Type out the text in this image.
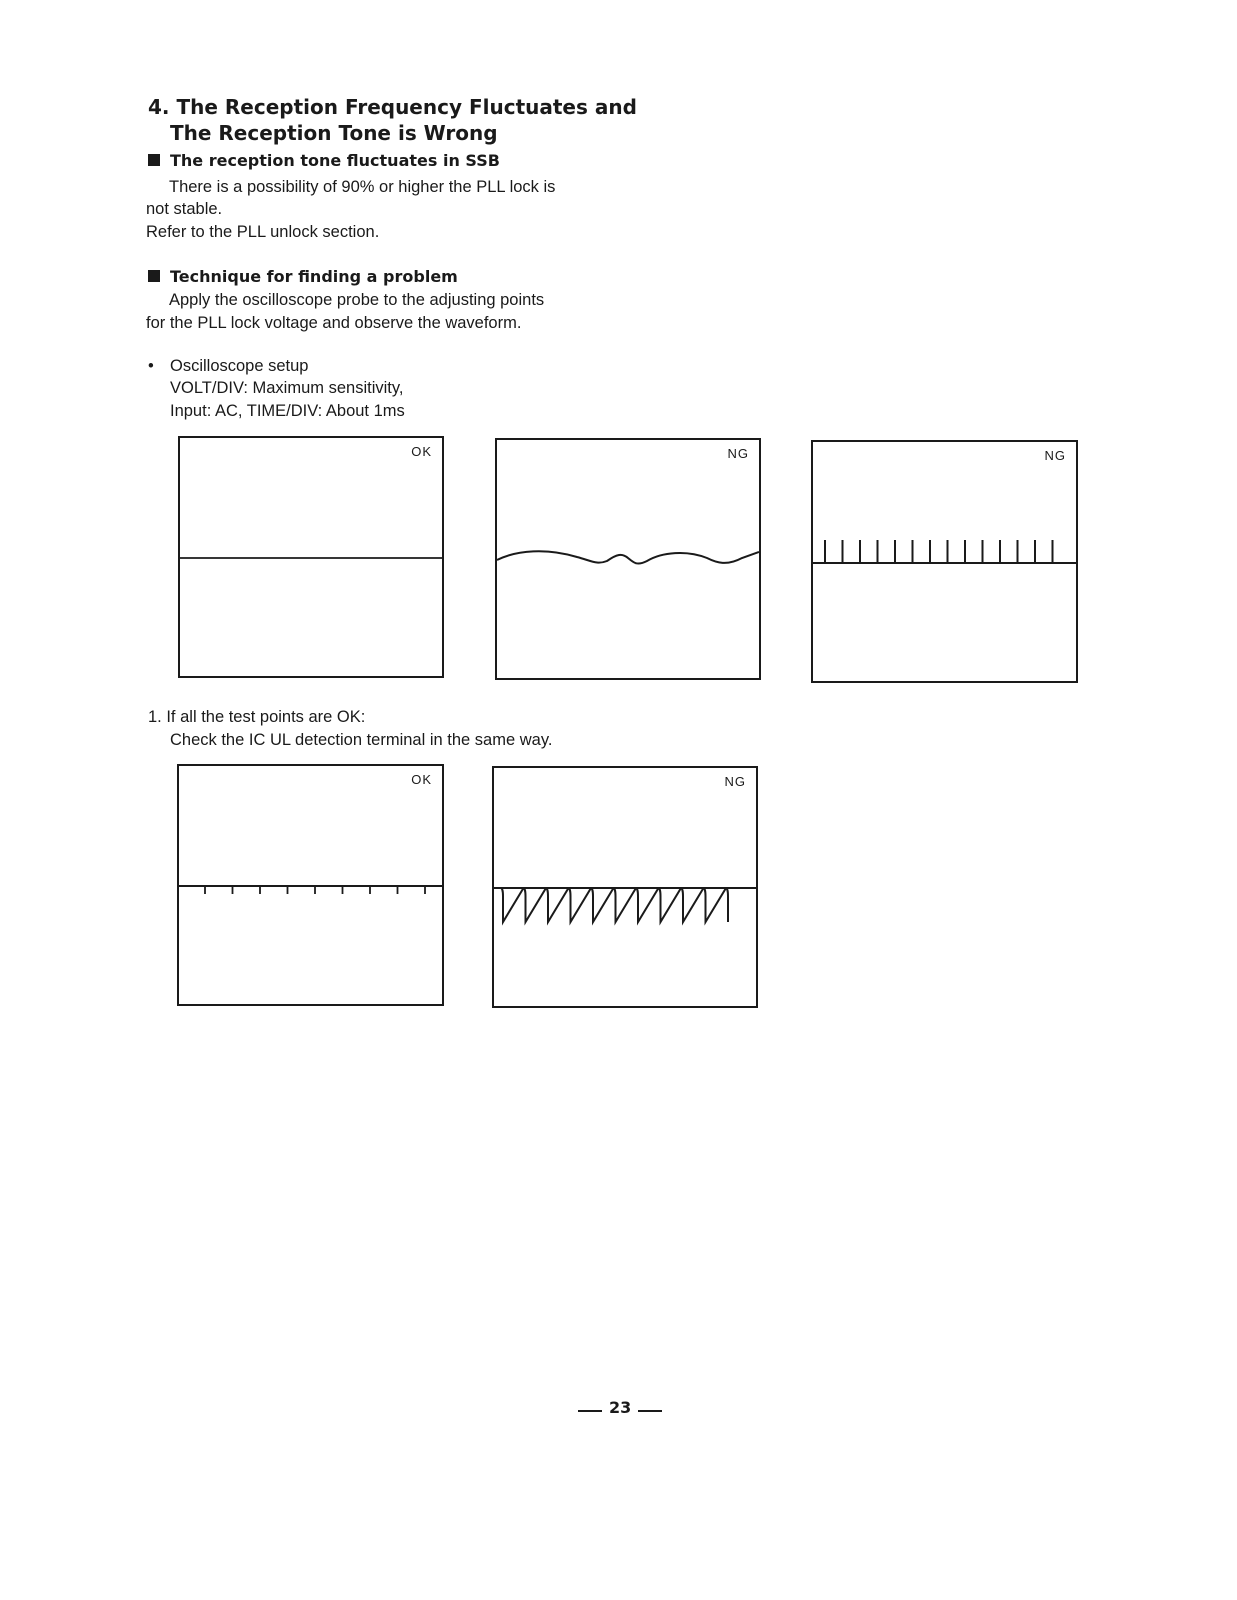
4. The Reception Frequency Fluctuates and
The Reception Tone is Wrong
The reception tone fluctuates in SSB
There is a possibility of 90% or higher the PLL lock is
not stable.
Refer to the PLL unlock section.
Technique for finding a problem
Apply the oscilloscope probe to the adjusting points
for the PLL lock voltage and observe the waveform.
• Oscilloscope setup
VOLT/DIV: Maximum sensitivity,
Input: AC, TIME/DIV: About 1ms
OK	NG	NG
1. If all the test points are OK:
Check the IC UL detection terminal in the same way.
OK	NG
23
